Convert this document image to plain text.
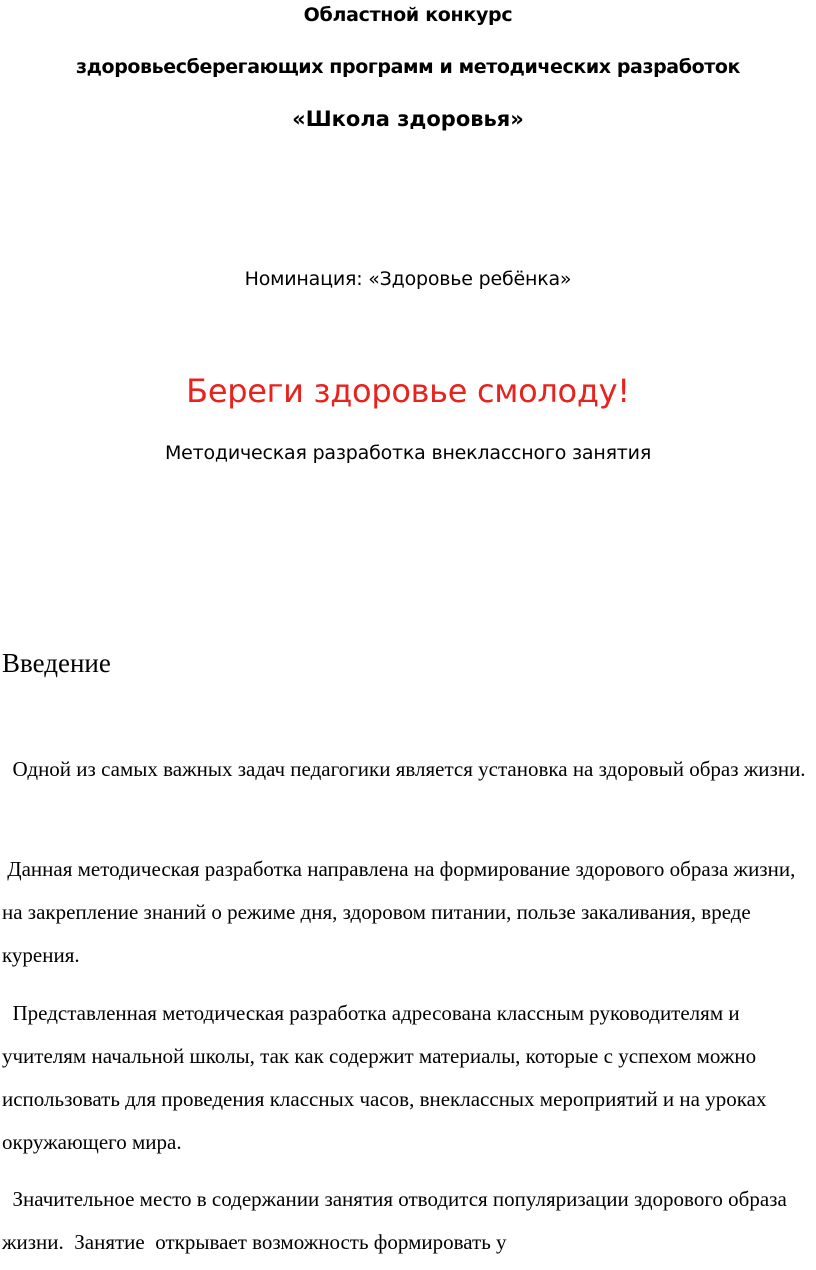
Областной конкурс
здоровьесберегающих программ и методических разработок
«Школа здоровья»
Номинация: «Здоровье ребёнка»
Береги здоровье смолоду!
Методическая разработка внеклассного занятия
Введение

Одной из самых важных задач педагогики является установка на здоровый образ жизни.

Данная методическая разработка направлена на формирование здорового образа жизни, на закрепление знаний о режиме дня, здоровом питании, пользе закаливания, вреде курения.

Представленная методическая разработка адресована классным руководителям и учителям начальной школы, так как содержит материалы, которые с успехом можно использовать для проведения классных часов, внеклассных мероприятий и на уроках окружающего мира.

Значительное место в содержании занятия отводится популяризации здорового образа жизни.  Занятие  открывает возможность формировать у
